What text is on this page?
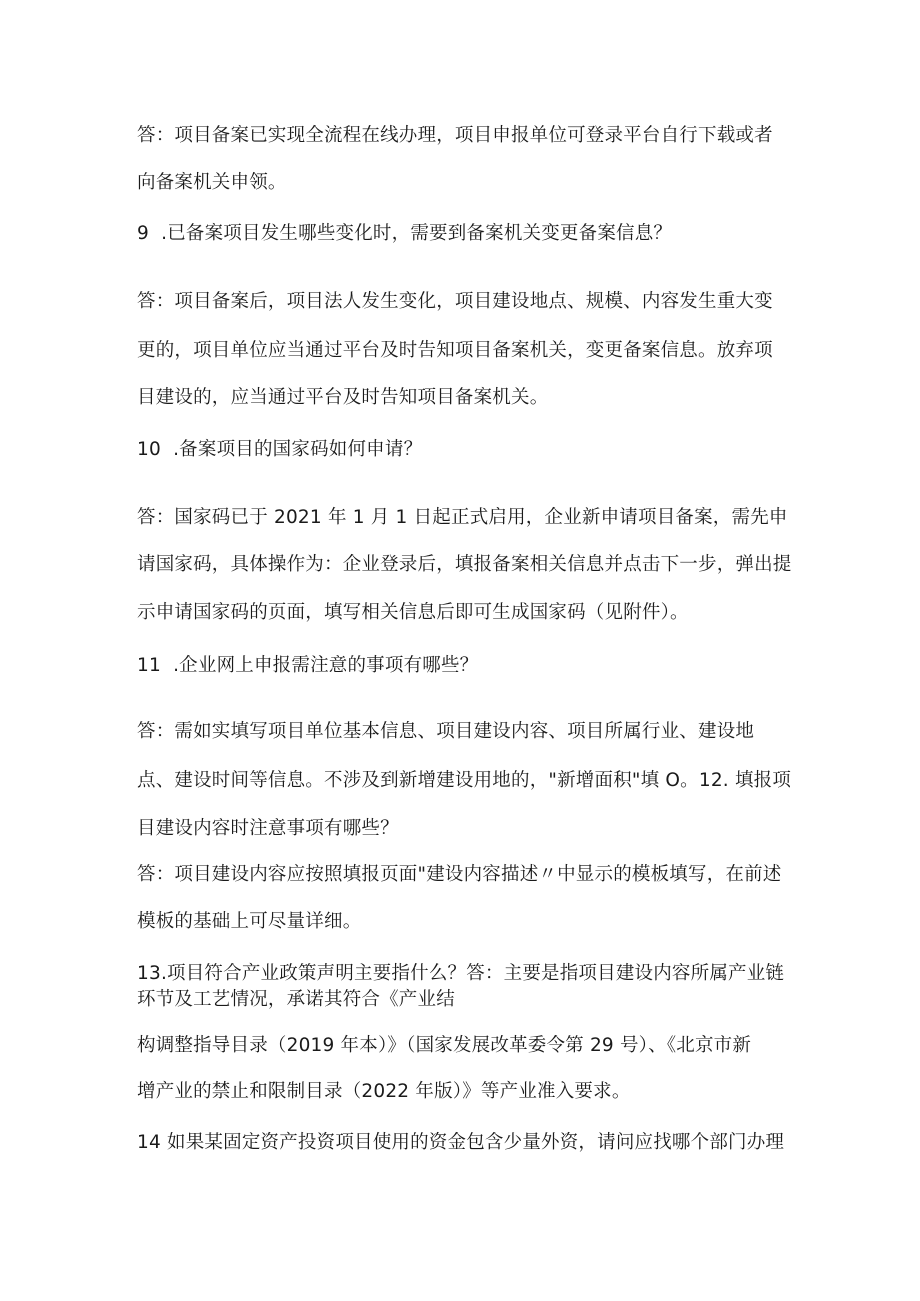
答：项目备案已实现全流程在线办理，项目申报单位可登录平台自行下载或者
向备案机关申领。
9  .已备案项目发生哪些变化时，需要到备案机关变更备案信息？
答：项目备案后，项目法人发生变化，项目建设地点、规模、内容发生重大变
更的，项目单位应当通过平台及时告知项目备案机关，变更备案信息。放弃项
目建设的，应当通过平台及时告知项目备案机关。
10  .备案项目的国家码如何申请？
答：国家码已于 2021 年 1 月 1 日起正式启用，企业新申请项目备案，需先申
请国家码，具体操作为：企业登录后，填报备案相关信息并点击下一步，弹出提
示申请国家码的页面，填写相关信息后即可生成国家码（见附件）。
11  .企业网上申报需注意的事项有哪些？
答：需如实填写项目单位基本信息、项目建设内容、项目所属行业、建设地
点、建设时间等信息。不涉及到新增建设用地的，"新增面积"填 O。12. 填报项
目建设内容时注意事项有哪些？
答：项目建设内容应按照填报页面"建设内容描述〃中显示的模板填写，在前述
模板的基础上可尽量详细。
13.项目符合产业政策声明主要指什么？答：主要是指项目建设内容所属产业链
环节及工艺情况，承诺其符合《产业结
构调整指导目录（2019 年本）》（国家发展改革委令第 29 号）、《北京市新
增产业的禁止和限制目录（2022 年版）》等产业准入要求。
14 如果某固定资产投资项目使用的资金包含少量外资，请问应找哪个部门办理
